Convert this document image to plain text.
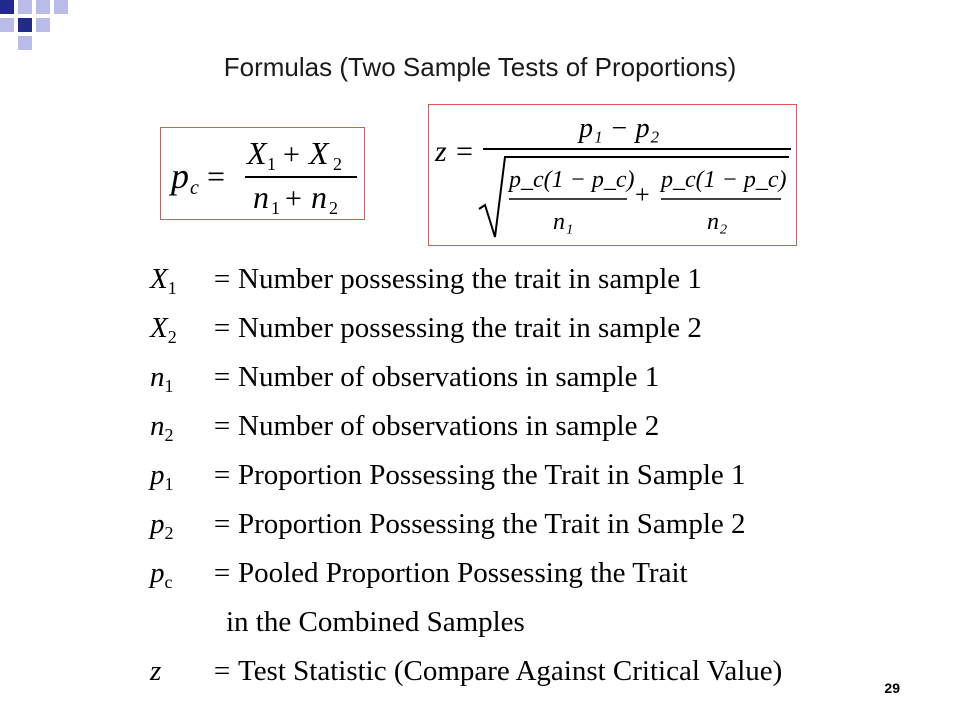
Formulas (Two Sample Tests of Proportions)
p c =
X 1 + X 2
n 1 + n 2
z =
p₁ − p₂
p_c(1 − p_c)
n₁
+ p_c(1 − p_c)
n₂
$X_1$ = Number possessing the trait in sample 1
$X_2$ = Number possessing the trait in sample 2
$n_1$ = Number of observations in sample 1
$n_2$ = Number of observations in sample 2
$p_1$ = Proportion Possessing the Trait in Sample 1
$p_2$ = Proportion Possessing the Trait in Sample 2
$p_c$ = Pooled Proportion Possessing the Trait
in the Combined Samples
z = Test Statistic (Compare Against Critical Value)
29
